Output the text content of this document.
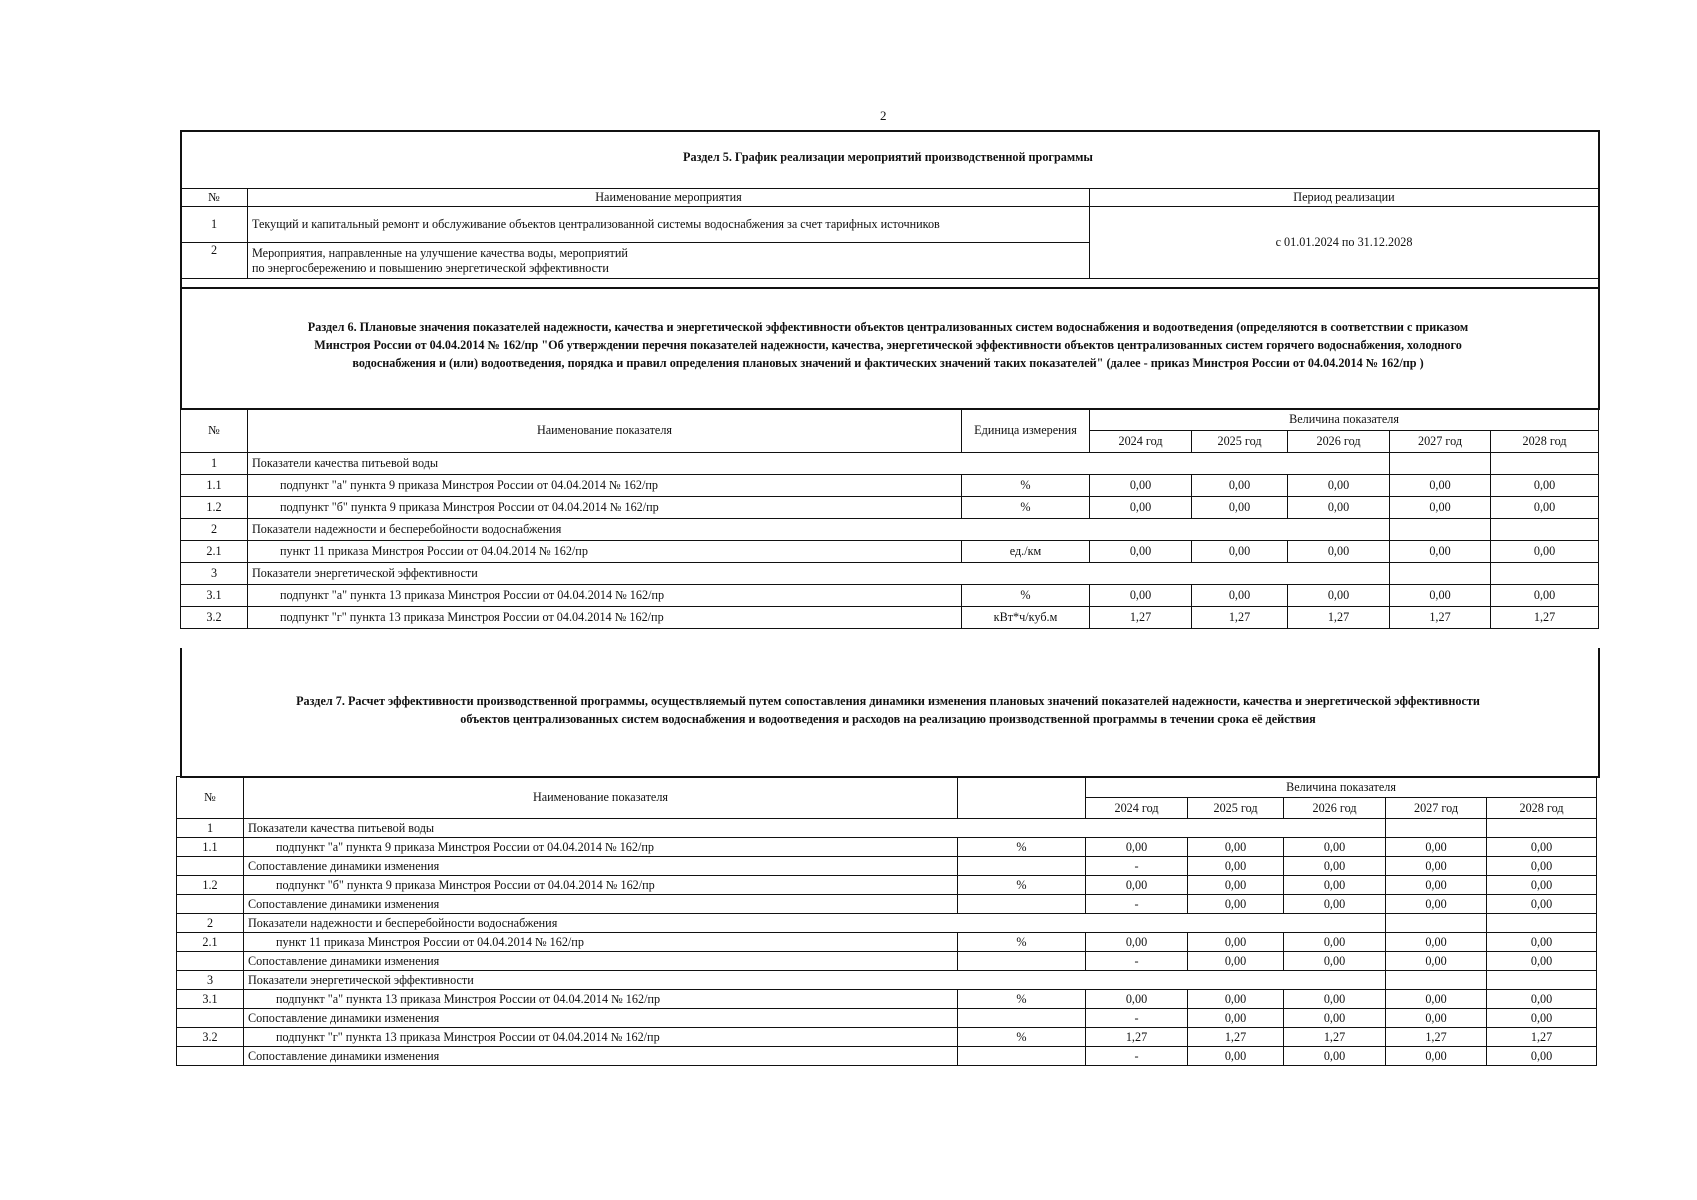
2
Раздел 5. График реализации мероприятий производственной программы
№	Наименование мероприятия	Период реализации
1	Текущий и капитальный ремонт и обслуживание объектов централизованной системы водоснабжения за счет тарифных источников	с 01.01.2024 по 31.12.2028
2	Мероприятия, направленные на улучшение качества воды, мероприятий
по энергосбережению и повышению энергетической эффективности	
Раздел 6. Плановые значения показателей надежности, качества и энергетической эффективности объектов централизованных систем водоснабжения и водоотведения (определяются в соответствии с приказом
Минстроя России от 04.04.2014 № 162/пр "Об утверждении перечня показателей надежности, качества, энергетической эффективности объектов централизованных систем горячего водоснабжения, холодного
водоснабжения и (или) водоотведения, порядка и правил определения плановых значений и фактических значений таких показателей" (далее - приказ Минстроя России от 04.04.2014 № 162/пр )
№	Наименование показателя	Единица измерения	Величина показателя				
			2024 год	2025 год	2026 год	2027 год	2028 год
1	Показатели качества питьевой воды						
1.1	подпункт "а" пункта 9 приказа Минстроя России от 04.04.2014 № 162/пр	%	0,00	0,00	0,00	0,00	0,00
1.2	подпункт "б" пункта 9 приказа Минстроя России от 04.04.2014 № 162/пр	%	0,00	0,00	0,00	0,00	0,00
2	Показатели надежности и бесперебойности водоснабжения						
2.1	пункт 11 приказа Минстроя России от 04.04.2014 № 162/пр	ед./км	0,00	0,00	0,00	0,00	0,00
3	Показатели энергетической эффективности						
3.1	подпункт "а" пункта 13 приказа Минстроя России от 04.04.2014 № 162/пр	%	0,00	0,00	0,00	0,00	0,00
3.2	подпункт "г" пункта 13 приказа Минстроя России от 04.04.2014 № 162/пр	кВт*ч/куб.м	1,27	1,27	1,27	1,27	1,27
Раздел 7. Расчет эффективности производственной программы, осуществляемый путем сопоставления динамики изменения плановых значений показателей надежности, качества и энергетической эффективности
объектов централизованных систем водоснабжения и водоотведения и расходов на реализацию производственной программы в течении срока её действия
№	Наименование показателя		Величина показателя				
			2024 год	2025 год	2026 год	2027 год	2028 год
1	Показатели качества питьевой воды						
1.1	подпункт "а" пункта 9 приказа Минстроя России от 04.04.2014 № 162/пр	%	0,00	0,00	0,00	0,00	0,00
	Сопоставление динамики изменения		-	0,00	0,00	0,00	0,00
1.2	подпункт "б" пункта 9 приказа Минстроя России от 04.04.2014 № 162/пр	%	0,00	0,00	0,00	0,00	0,00
	Сопоставление динамики изменения		-	0,00	0,00	0,00	0,00
2	Показатели надежности и бесперебойности водоснабжения						
2.1	пункт 11 приказа Минстроя России от 04.04.2014 № 162/пр	%	0,00	0,00	0,00	0,00	0,00
	Сопоставление динамики изменения		-	0,00	0,00	0,00	0,00
3	Показатели энергетической эффективности						
3.1	подпункт "а" пункта 13 приказа Минстроя России от 04.04.2014 № 162/пр	%	0,00	0,00	0,00	0,00	0,00
	Сопоставление динамики изменения		-	0,00	0,00	0,00	0,00
3.2	подпункт "г" пункта 13 приказа Минстроя России от 04.04.2014 № 162/пр	%	1,27	1,27	1,27	1,27	1,27
	Сопоставление динамики изменения		-	0,00	0,00	0,00	0,00
